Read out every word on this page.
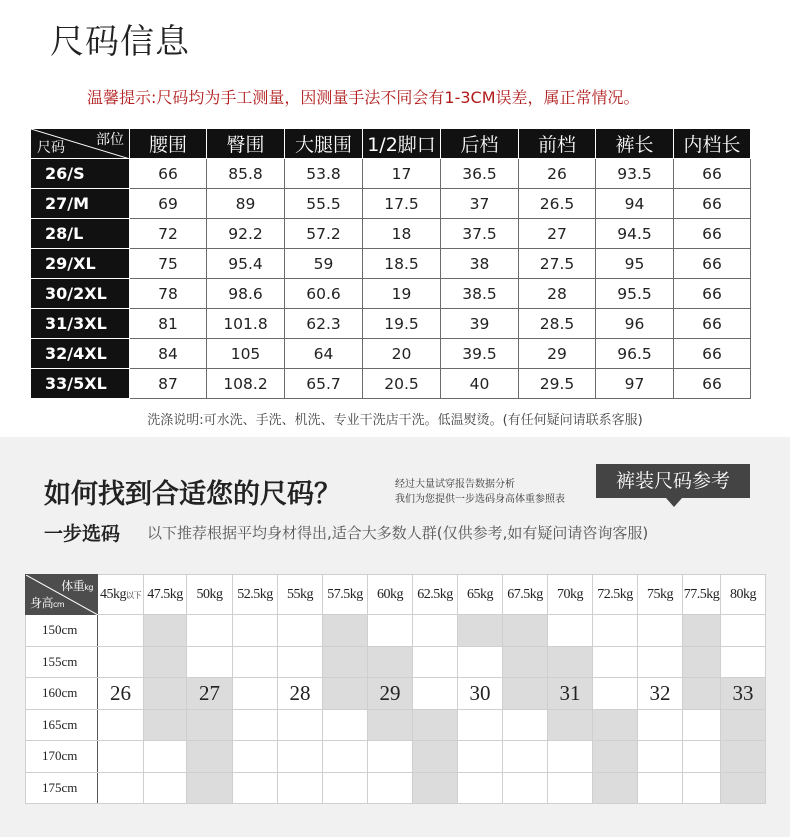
尺码信息
温馨提示:尺码均为手工测量，因测量手法不同会有1-3CM误差，属正常情况。
部位
尺码	腰围	臀围	大腿围	1/2脚口	后档	前档	裤长	内档长
26/S	66	85.8	53.8	17	36.5	26	93.5	66
27/M	69	89	55.5	17.5	37	26.5	94	66
28/L	72	92.2	57.2	18	37.5	27	94.5	66
29/XL	75	95.4	59	18.5	38	27.5	95	66
30/2XL	78	98.6	60.6	19	38.5	28	95.5	66
31/3XL	81	101.8	62.3	19.5	39	28.5	96	66
32/4XL	84	105	64	20	39.5	29	96.5	66
33/5XL	87	108.2	65.7	20.5	40	29.5	97	66
洗涤说明:可水洗、手洗、机洗、专业干洗店干洗。低温熨烫。(有任何疑问请联系客服)
如何找到合适您的尺码？	经过大量试穿报告数据分析
我们为您提供一步选码身高体重参照表
裤装尺码参考
一步选码 以下推荐根据平均身材得出,适合大多数人群(仅供参考,如有疑问请咨询客服)
体重kg
身高cm	45kg以下	47.5kg	50kg	52.5kg	55kg	57.5kg	60kg	62.5kg	65kg	67.5kg	70kg	72.5kg	75kg	77.5kg	80kg
150cm															
155cm															
160cm	26		27		28		29		30		31		32		33
165cm															
170cm															
175cm															
